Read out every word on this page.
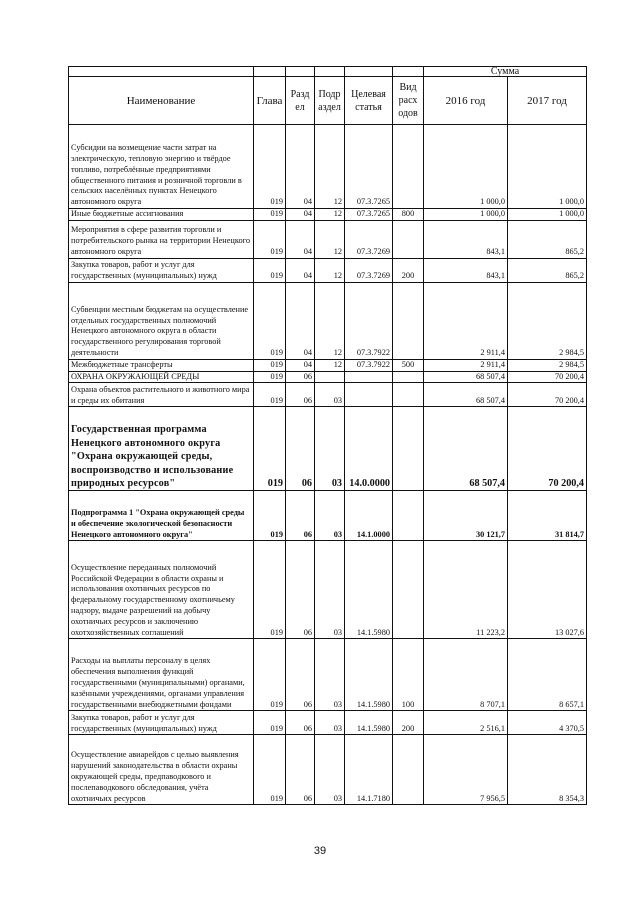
						Сумма	
Наименование	Глава	Разд ел	Подр аздел	Целевая статья	Вид расх одов	2016 год	2017 год
Субсидии на возмещение части затрат на электрическую, тепловую энергию и твёрдое топливо, потреблённые предприятиями общественного питания и розничной торговли в сельских населённых пунктах Ненецкого автономного округа	019	04	12	07.3.7265		1 000,0	1 000,0
Иные бюджетные ассигнования	019	04	12	07.3.7265	800	1 000,0	1 000,0
Мероприятия в сфере развития торговли и потребительского рынка на территории Ненецкого автономного округа	019	04	12	07.3.7269		843,1	865,2
Закупка товаров, работ и услуг для государственных (муниципальных) нужд	019	04	12	07.3.7269	200	843,1	865,2
Субвенции местным бюджетам на осуществление отдельных государственных полномочий Ненецкого автономного округа в области государственного регулирования торговой деятельности	019	04	12	07.3.7922		2 911,4	2 984,5
Межбюджетные трансферты	019	04	12	07.3.7922	500	2 911,4	2 984,5
ОХРАНА ОКРУЖАЮЩЕЙ СРЕДЫ	019	06				68 507,4	70 200,4
Охрана объектов растительного и животного мира и среды их обитания	019	06	03			68 507,4	70 200,4
Государственная программа Ненецкого автономного округа "Охрана окружающей среды, воспроизводство и использование природных ресурсов"	019	06	03	14.0.0000		68 507,4	70 200,4
Подпрограмма 1 "Охрана окружающей среды и обеспечение экологической безопасности Ненецкого автономного округа"	019	06	03	14.1.0000		30 121,7	31 814,7
Осуществление переданных полномочий Российской Федерации в области охраны и использования охотничьих ресурсов по федеральному государственному охотничьему надзору, выдаче разрешений на добычу охотничьих ресурсов и заключению охотхозяйственных соглашений	019	06	03	14.1.5980		11 223,2	13 027,6
Расходы на выплаты персоналу в целях обеспечения выполнения функций государственными (муниципальными) органами, казёнными учреждениями, органами управления государственными внебюджетными фондами	019	06	03	14.1.5980	100	8 707,1	8 657,1
Закупка товаров, работ и услуг для государственных (муниципальных) нужд	019	06	03	14.1.5980	200	2 516,1	4 370,5
Осуществление авиарейдов с целью выявления нарушений законодательства в области охраны окружающей среды, предпаводкового и послепаводкового обследования, учёта охотничьих ресурсов	019	06	03	14.1.7180		7 956,5	8 354,3
39
